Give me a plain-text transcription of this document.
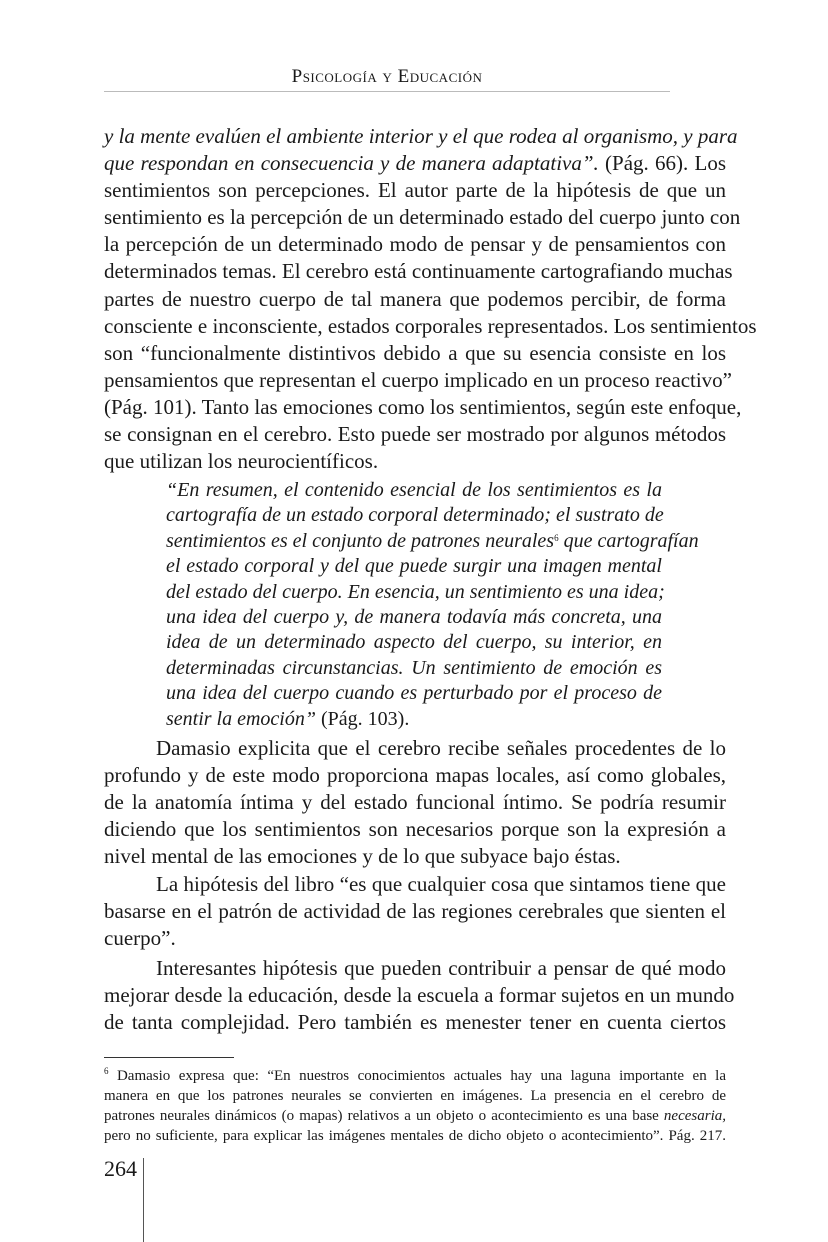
Psicología y Educación
y la mente evalúen el ambiente interior y el que rodea al organismo, y para
que respondan en consecuencia y de manera adaptativa”. (Pág. 66). Los
sentimientos son percepciones. El autor parte de la hipótesis de que un
sentimiento es la percepción de un determinado estado del cuerpo junto con
la percepción de un determinado modo de pensar y de pensamientos con
determinados temas. El cerebro está continuamente cartografiando muchas
partes de nuestro cuerpo de tal manera que podemos percibir, de forma
consciente e inconsciente, estados corporales representados. Los sentimientos
son “funcionalmente distintivos debido a que su esencia consiste en los
pensamientos que representan el cuerpo implicado en un proceso reactivo”
(Pág. 101). Tanto las emociones como los sentimientos, según este enfoque,
se consignan en el cerebro. Esto puede ser mostrado por algunos métodos
que utilizan los neurocientíficos.
“En resumen, el contenido esencial de los sentimientos es la
cartografía de un estado corporal determinado; el sustrato de
sentimientos es el conjunto de patrones neurales$^6$ que cartografían
el estado corporal y del que puede surgir una imagen mental
del estado del cuerpo. En esencia, un sentimiento es una idea;
una idea del cuerpo y, de manera todavía más concreta, una
idea de un determinado aspecto del cuerpo, su interior, en
determinadas circunstancias. Un sentimiento de emoción es
una idea del cuerpo cuando es perturbado por el proceso de
sentir la emoción” (Pág. 103).
Damasio explicita que el cerebro recibe señales procedentes de lo
profundo y de este modo proporciona mapas locales, así como globales,
de la anatomía íntima y del estado funcional íntimo. Se podría resumir
diciendo que los sentimientos son necesarios porque son la expresión a
nivel mental de las emociones y de lo que subyace bajo éstas.
La hipótesis del libro “es que cualquier cosa que sintamos tiene que
basarse en el patrón de actividad de las regiones cerebrales que sienten el
cuerpo”.
Interesantes hipótesis que pueden contribuir a pensar de qué modo
mejorar desde la educación, desde la escuela a formar sujetos en un mundo
de tanta complejidad. Pero también es menester tener en cuenta ciertos
$^6$ Damasio expresa que: “En nuestros conocimientos actuales hay una laguna importante en la
manera en que los patrones neurales se convierten en imágenes. La presencia en el cerebro de
patrones neurales dinámicos (o mapas) relativos a un objeto o acontecimiento es una base necesaria,
pero no suficiente, para explicar las imágenes mentales de dicho objeto o acontecimiento”. Pág. 217.
264
